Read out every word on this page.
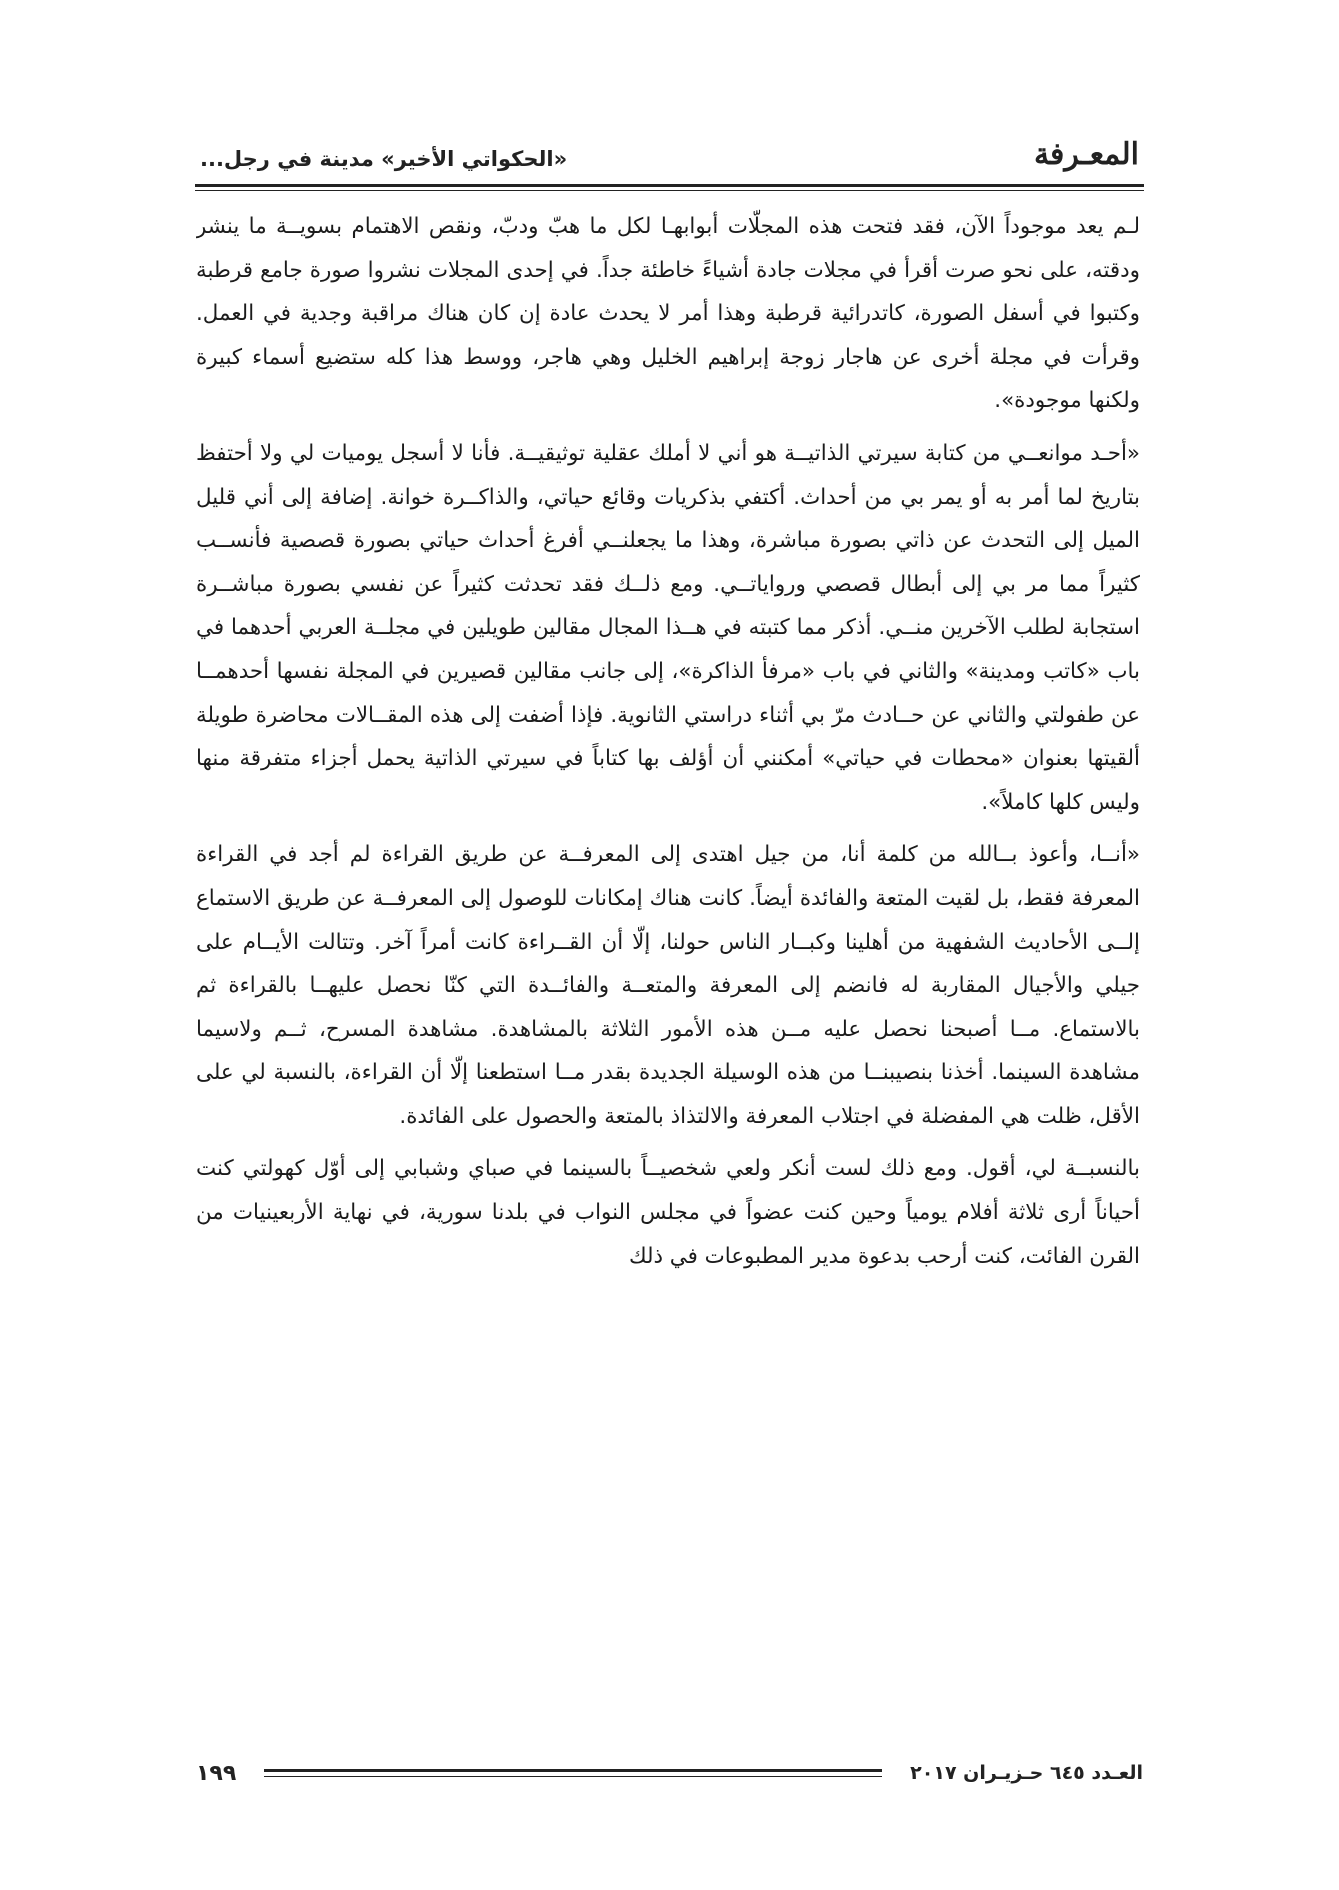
المعـرفة
«الحكواتي الأخير» مدينة في رجل...

لـم يعد موجوداً الآن، فقد فتحت هذه المجلّات أبوابهـا لكل ما هبّ ودبّ، ونقص الاهتمام بسويــة ما ينشر ودقته، على نحو صرت أقرأ في مجلات جادة أشياءً خاطئة جداً. في إحدى المجلات نشروا صورة جامع قرطبة وكتبوا في أسفل الصورة، كاتدرائية قرطبة وهذا أمر لا يحدث عادة إن كان هناك مراقبة وجدية في العمل. وقرأت في مجلة أخرى عن هاجار زوجة إبراهيم الخليل وهي هاجر، ووسط هذا كله ستضيع أسماء كبيرة ولكنها موجودة».

«أحـد موانعــي من كتابة سيرتي الذاتيــة هو أني لا أملك عقلية توثيقيــة. فأنا لا أسجل يوميات لي ولا أحتفظ بتاريخ لما أمر به أو يمر بي من أحداث. أكتفي بذكريات وقائع حياتي، والذاكــرة خوانة. إضافة إلى أني قليل الميل إلى التحدث عن ذاتي بصورة مباشرة، وهذا ما يجعلنــي أفرغ أحداث حياتي بصورة قصصية فأنســب كثيراً مما مر بي إلى أبطال قصصي ورواياتــي. ومع ذلــك فقد تحدثت كثيراً عن نفسي بصورة مباشــرة استجابة لطلب الآخرين منــي. أذكر مما كتبته في هــذا المجال مقالين طويلين في مجلــة العربي أحدهما في باب «كاتب ومدينة» والثاني في باب «مرفأ الذاكرة»، إلى جانب مقالين قصيرين في المجلة نفسها أحدهمــا عن طفولتي والثاني عن حــادث مرّ بي أثناء دراستي الثانوية. فإذا أضفت إلى هذه المقــالات محاضرة طويلة ألقيتها بعنوان «محطات في حياتي» أمكنني أن أؤلف بها كتاباً في سيرتي الذاتية يحمل أجزاء متفرقة منها وليس كلها كاملاً».

«أنــا، وأعوذ بــالله من كلمة أنا، من جيل اهتدى إلى المعرفــة عن طريق القراءة لم أجد في القراءة المعرفة فقط، بل لقيت المتعة والفائدة أيضاً. كانت هناك إمكانات للوصول إلى المعرفــة عن طريق الاستماع إلــى الأحاديث الشفهية من أهلينا وكبــار الناس حولنا، إلّا أن القــراءة كانت أمراً آخر. وتتالت الأيــام على جيلي والأجيال المقاربة له فانضم إلى المعرفة والمتعــة والفائــدة التي كنّا نحصل عليهــا بالقراءة ثم بالاستماع. مــا أصبحنا نحصل عليه مــن هذه الأمور الثلاثة بالمشاهدة. مشاهدة المسرح، ثــم ولاسيما مشاهدة السينما. أخذنا بنصيبنــا من هذه الوسيلة الجديدة بقدر مــا استطعنا إلّا أن القراءة، بالنسبة لي على الأقل، ظلت هي المفضلة في اجتلاب المعرفة والالتذاذ بالمتعة والحصول على الفائدة.

بالنسبــة لي، أقول. ومع ذلك لست أنكر ولعي شخصيــاً بالسينما في صباي وشبابي إلى أوّل كهولتي كنت أحياناً أرى ثلاثة أفلام يومياً وحين كنت عضواً في مجلس النواب في بلدنا سورية، في نهاية الأربعينيات من القرن الفائت، كنت أرحب بدعوة مدير المطبوعات في ذلك

العـدد ٦٤٥ حـزيـران ٢٠١٧
١٩٩
